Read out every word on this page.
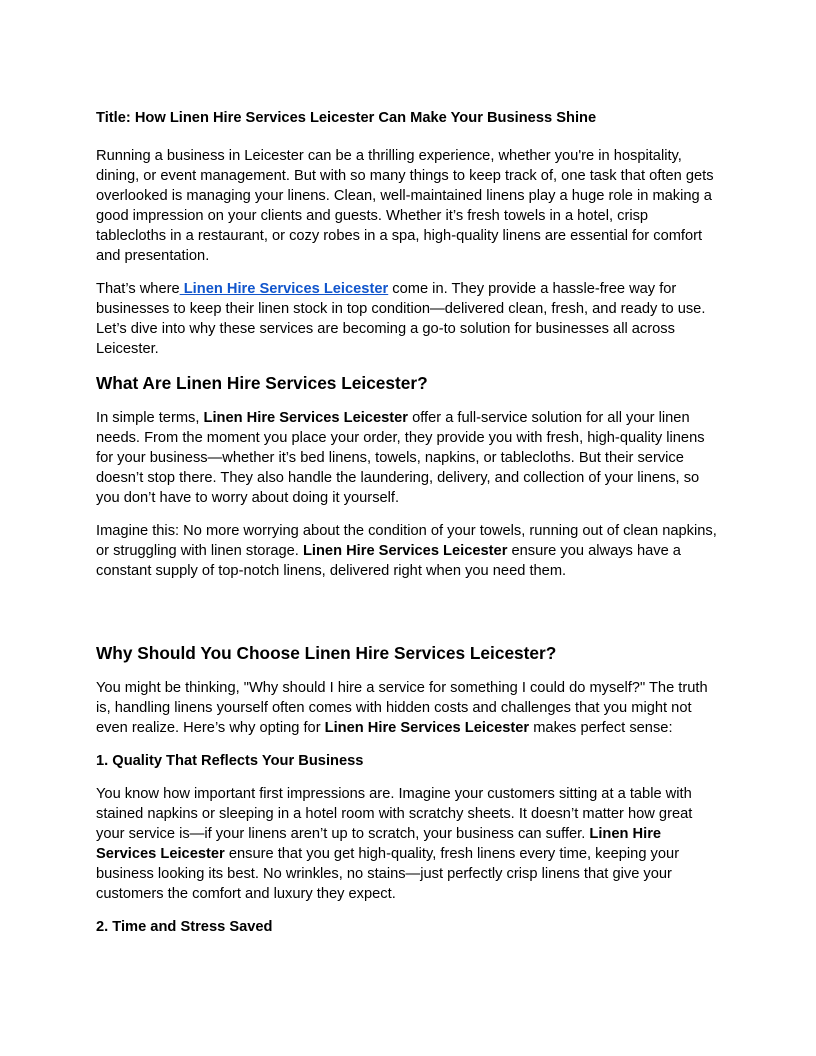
Title: How Linen Hire Services Leicester Can Make Your Business Shine

Running a business in Leicester can be a thrilling experience, whether you're in hospitality, dining, or event management. But with so many things to keep track of, one task that often gets overlooked is managing your linens. Clean, well-maintained linens play a huge role in making a good impression on your clients and guests. Whether it’s fresh towels in a hotel, crisp tablecloths in a restaurant, or cozy robes in a spa, high-quality linens are essential for comfort and presentation.

That’s where Linen Hire Services Leicester come in. They provide a hassle-free way for businesses to keep their linen stock in top condition—delivered clean, fresh, and ready to use. Let’s dive into why these services are becoming a go-to solution for businesses all across Leicester.

What Are Linen Hire Services Leicester?

In simple terms, Linen Hire Services Leicester offer a full-service solution for all your linen needs. From the moment you place your order, they provide you with fresh, high-quality linens for your business—whether it’s bed linens, towels, napkins, or tablecloths. But their service doesn’t stop there. They also handle the laundering, delivery, and collection of your linens, so you don’t have to worry about doing it yourself.

Imagine this: No more worrying about the condition of your towels, running out of clean napkins, or struggling with linen storage. Linen Hire Services Leicester ensure you always have a constant supply of top-notch linens, delivered right when you need them.

Why Should You Choose Linen Hire Services Leicester?

You might be thinking, "Why should I hire a service for something I could do myself?" The truth is, handling linens yourself often comes with hidden costs and challenges that you might not even realize. Here’s why opting for Linen Hire Services Leicester makes perfect sense:

1. Quality That Reflects Your Business

You know how important first impressions are. Imagine your customers sitting at a table with stained napkins or sleeping in a hotel room with scratchy sheets. It doesn’t matter how great your service is—if your linens aren’t up to scratch, your business can suffer. Linen Hire Services Leicester ensure that you get high-quality, fresh linens every time, keeping your business looking its best. No wrinkles, no stains—just perfectly crisp linens that give your customers the comfort and luxury they expect.

2. Time and Stress Saved
